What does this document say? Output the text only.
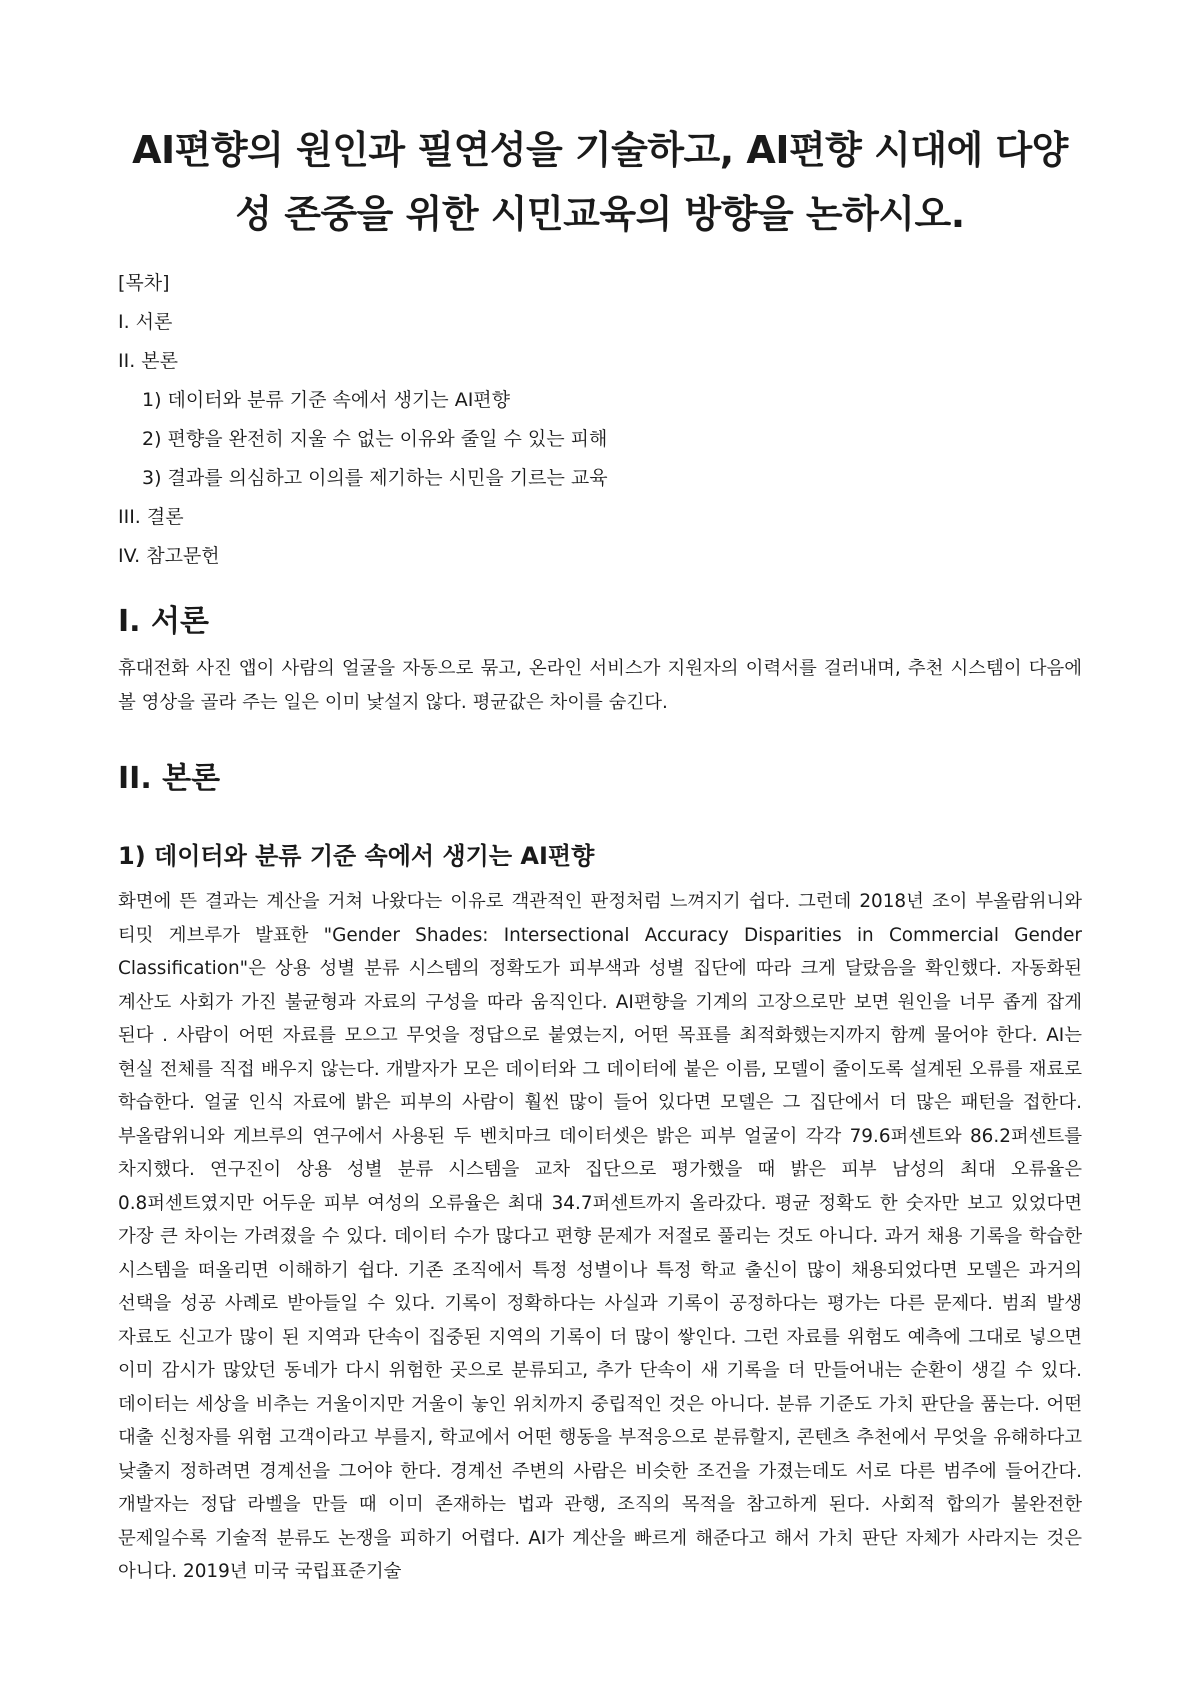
AI편향의 원인과 필연성을 기술하고, AI편향 시대에 다양성 존중을 위한 시민교육의 방향을 논하시오.
[목차]
I. 서론
II. 본론
1) 데이터와 분류 기준 속에서 생기는 AI편향
2) 편향을 완전히 지울 수 없는 이유와 줄일 수 있는 피해
3) 결과를 의심하고 이의를 제기하는 시민을 기르는 교육
III. 결론
IV. 참고문헌
I. 서론

휴대전화 사진 앱이 사람의 얼굴을 자동으로 묶고, 온라인 서비스가 지원자의 이력서를 걸러내며, 추천 시스템이 다음에 볼 영상을 골라 주는 일은 이미 낯설지 않다. 평균값은 차이를 숨긴다.

II. 본론
1) 데이터와 분류 기준 속에서 생기는 AI편향

화면에 뜬 결과는 계산을 거쳐 나왔다는 이유로 객관적인 판정처럼 느껴지기 쉽다. 그런데 2018년 조이 부올람위니와 티밋 게브루가 발표한 "Gender Shades: Intersectional Accuracy Disparities in Commercial Gender Classification"은 상용 성별 분류 시스템의 정확도가 피부색과 성별 집단에 따라 크게 달랐음을 확인했다. 자동화된 계산도 사회가 가진 불균형과 자료의 구성을 따라 움직인다. AI편향을 기계의 고장으로만 보면 원인을 너무 좁게 잡게 된다 . 사람이 어떤 자료를 모으고 무엇을 정답으로 붙였는지, 어떤 목표를 최적화했는지까지 함께 물어야 한다. AI는 현실 전체를 직접 배우지 않는다. 개발자가 모은 데이터와 그 데이터에 붙은 이름, 모델이 줄이도록 설계된 오류를 재료로 학습한다. 얼굴 인식 자료에 밝은 피부의 사람이 훨씬 많이 들어 있다면 모델은 그 집단에서 더 많은 패턴을 접한다. 부올람위니와 게브루의 연구에서 사용된 두 벤치마크 데이터셋은 밝은 피부 얼굴이 각각 79.6퍼센트와 86.2퍼센트를 차지했다. 연구진이 상용 성별 분류 시스템을 교차 집단으로 평가했을 때 밝은 피부 남성의 최대 오류율은 0.8퍼센트였지만 어두운 피부 여성의 오류율은 최대 34.7퍼센트까지 올라갔다. 평균 정확도 한 숫자만 보고 있었다면 가장 큰 차이는 가려졌을 수 있다. 데이터 수가 많다고 편향 문제가 저절로 풀리는 것도 아니다. 과거 채용 기록을 학습한 시스템을 떠올리면 이해하기 쉽다. 기존 조직에서 특정 성별이나 특정 학교 출신이 많이 채용되었다면 모델은 과거의 선택을 성공 사례로 받아들일 수 있다. 기록이 정확하다는 사실과 기록이 공정하다는 평가는 다른 문제다. 범죄 발생 자료도 신고가 많이 된 지역과 단속이 집중된 지역의 기록이 더 많이 쌓인다. 그런 자료를 위험도 예측에 그대로 넣으면 이미 감시가 많았던 동네가 다시 위험한 곳으로 분류되고, 추가 단속이 새 기록을 더 만들어내는 순환이 생길 수 있다. 데이터는 세상을 비추는 거울이지만 거울이 놓인 위치까지 중립적인 것은 아니다. 분류 기준도 가치 판단을 품는다. 어떤 대출 신청자를 위험 고객이라고 부를지, 학교에서 어떤 행동을 부적응으로 분류할지, 콘텐츠 추천에서 무엇을 유해하다고 낮출지 정하려면 경계선을 그어야 한다. 경계선 주변의 사람은 비슷한 조건을 가졌는데도 서로 다른 범주에 들어간다. 개발자는 정답 라벨을 만들 때 이미 존재하는 법과 관행, 조직의 목적을 참고하게 된다. 사회적 합의가 불완전한 문제일수록 기술적 분류도 논쟁을 피하기 어렵다. AI가 계산을 빠르게 해준다고 해서 가치 판단 자체가 사라지는 것은 아니다. 2019년 미국 국립표준기술
